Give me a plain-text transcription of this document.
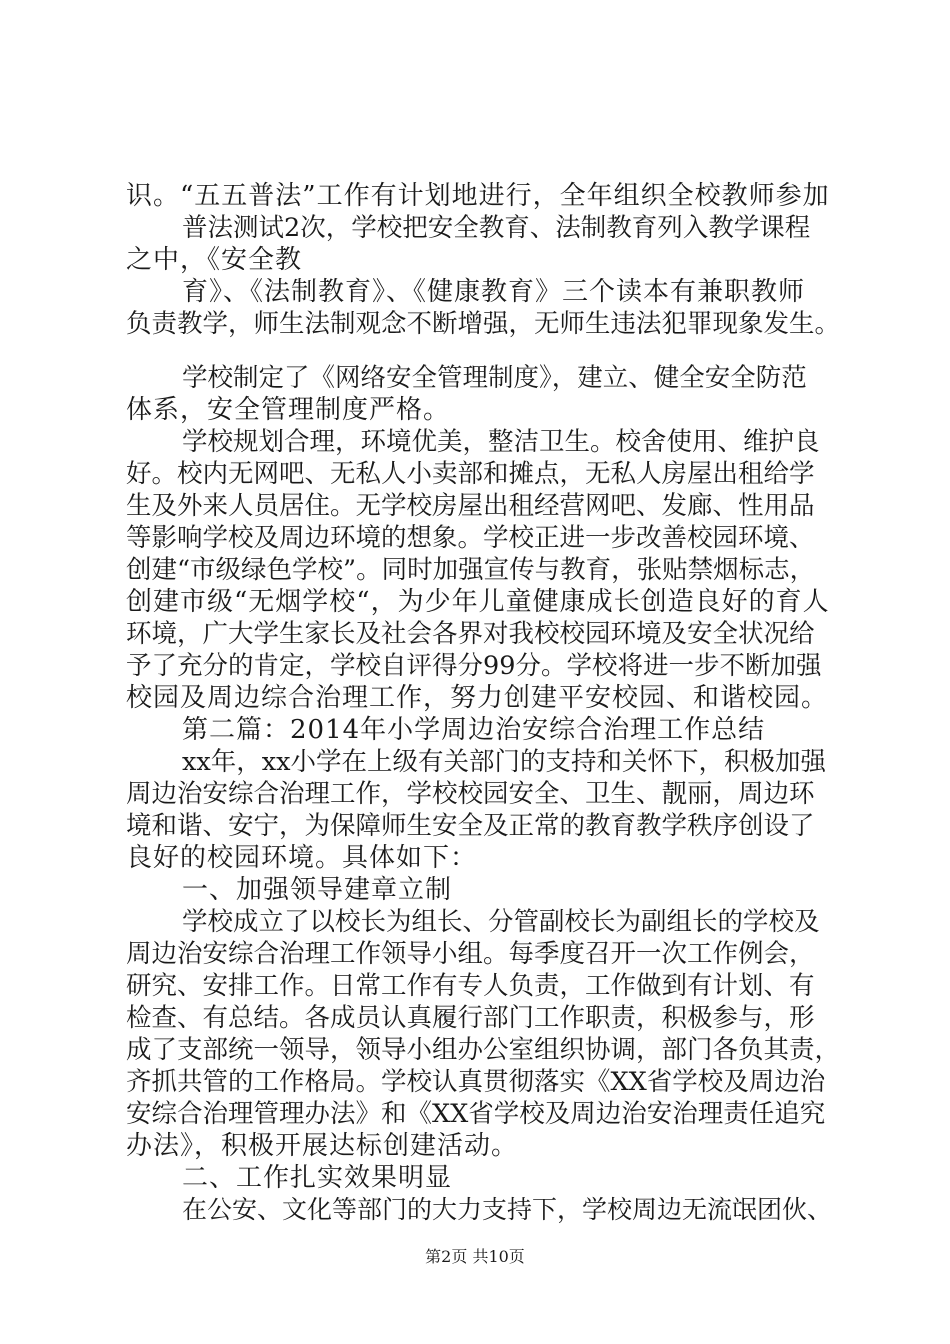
识。“五五普法”工作有计划地进行，全年组织全校教师参加
普法测试2次，学校把安全教育、法制教育列入教学课程
之中，《安全教
育》、《法制教育》、《健康教育》三个读本有兼职教师
负责教学，师生法制观念不断增强，无师生违法犯罪现象发生。
学校制定了《网络安全管理制度》，建立、健全安全防范
体系，安全管理制度严格。
学校规划合理，环境优美，整洁卫生。校舍使用、维护良
好。校内无网吧、无私人小卖部和摊点，无私人房屋出租给学
生及外来人员居住。无学校房屋出租经营网吧、发廊、性用品
等影响学校及周边环境的想象。学校正进一步改善校园环境、
创建“市级绿色学校”。同时加强宣传与教育，张贴禁烟标志，
创建市级“无烟学校“，为少年儿童健康成长创造良好的育人
环境，广大学生家长及社会各界对我校校园环境及安全状况给
予了充分的肯定，学校自评得分99分。学校将进一步不断加强
校园及周边综合治理工作，努力创建平安校园、和谐校园。
第二篇：2014年小学周边治安综合治理工作总结
xx年，xx小学在上级有关部门的支持和关怀下，积极加强
周边治安综合治理工作，学校校园安全、卫生、靓丽，周边环
境和谐、安宁，为保障师生安全及正常的教育教学秩序创设了
良好的校园环境。具体如下：
一、加强领导建章立制
学校成立了以校长为组长、分管副校长为副组长的学校及
周边治安综合治理工作领导小组。每季度召开一次工作例会，
研究、安排工作。日常工作有专人负责，工作做到有计划、有
检查、有总结。各成员认真履行部门工作职责，积极参与，形
成了支部统一领导，领导小组办公室组织协调，部门各负其责，
齐抓共管的工作格局。学校认真贯彻落实《XX省学校及周边治
安综合治理管理办法》和《XX省学校及周边治安治理责任追究
办法》，积极开展达标创建活动。
二、工作扎实效果明显
在公安、文化等部门的大力支持下，学校周边无流氓团伙、
第2页 共10页
